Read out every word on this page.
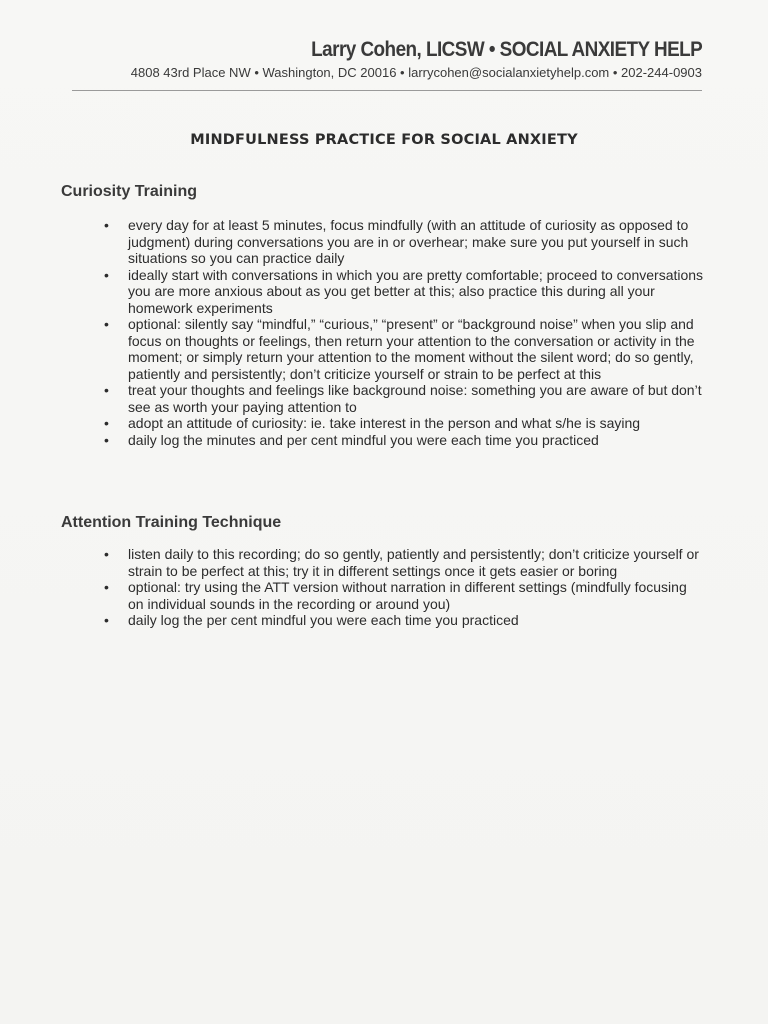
Larry Cohen, LICSW • SOCIAL ANXIETY HELP
4808 43rd Place NW • Washington, DC 20016 • larrycohen@socialanxietyhelp.com • 202-244-0903
MINDFULNESS PRACTICE FOR SOCIAL ANXIETY
Curiosity Training
• every day for at least 5 minutes, focus mindfully (with an attitude of curiosity as opposed to judgment) during conversations you are in or overhear; make sure you put yourself in such situations so you can practice daily
• ideally start with conversations in which you are pretty comfortable; proceed to conversations you are more anxious about as you get better at this; also practice this during all your homework experiments
• optional: silently say “mindful,” “curious,” “present” or “background noise” when you slip and focus on thoughts or feelings, then return your attention to the conversation or activity in the moment; or simply return your attention to the moment without the silent word; do so gently, patiently and persistently; don’t criticize yourself or strain to be perfect at this
• treat your thoughts and feelings like background noise: something you are aware of but don’t see as worth your paying attention to
• adopt an attitude of curiosity: ie. take interest in the person and what s/he is saying
• daily log the minutes and per cent mindful you were each time you practiced
Attention Training Technique
• listen daily to this recording; do so gently, patiently and persistently; don’t criticize yourself or strain to be perfect at this; try it in different settings once it gets easier or boring
• optional: try using the ATT version without narration in different settings (mindfully focusing on individual sounds in the recording or around you)
• daily log the per cent mindful you were each time you practiced
